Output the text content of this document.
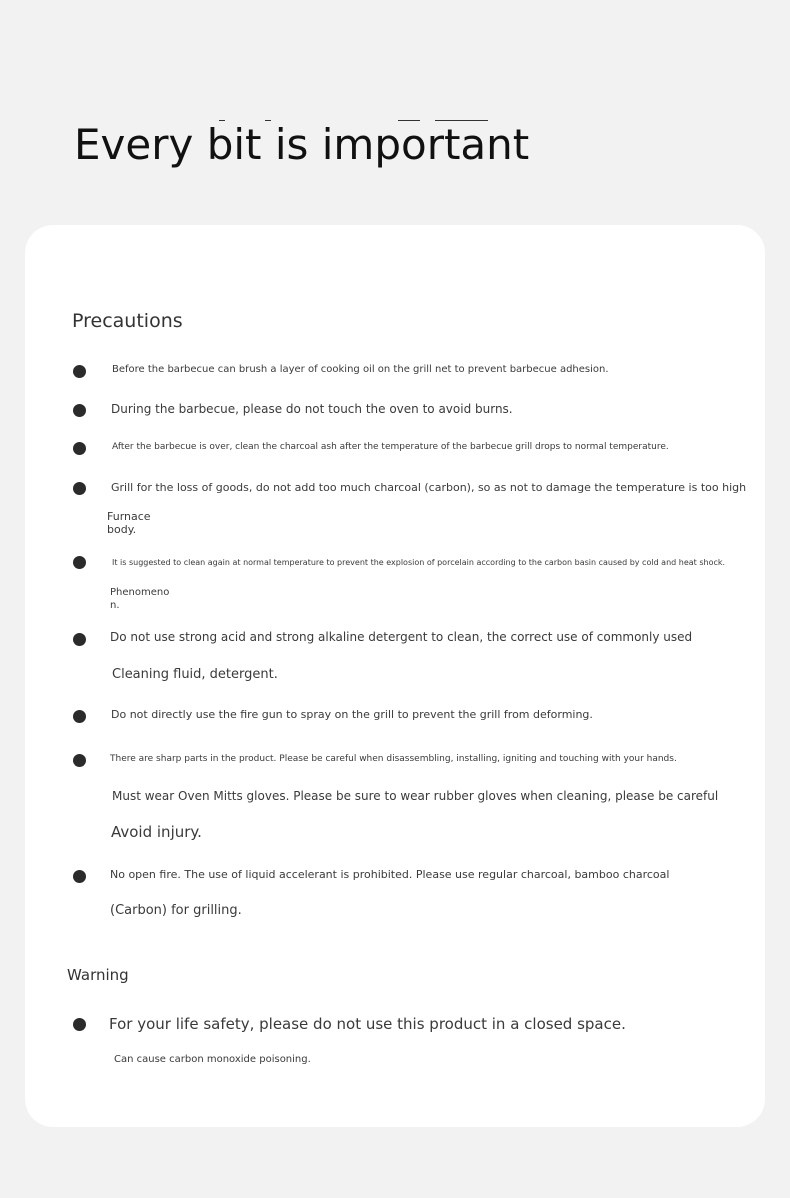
Every bit is important
Precautions
Before the barbecue can brush a layer of cooking oil on the grill net to prevent barbecue adhesion.
During the barbecue, please do not touch the oven to avoid burns.
After the barbecue is over, clean the charcoal ash after the temperature of the barbecue grill drops to normal temperature.
Grill for the loss of goods, do not add too much charcoal (carbon), so as not to damage the temperature is too high
Furnace
body.
It is suggested to clean again at normal temperature to prevent the explosion of porcelain according to the carbon basin caused by cold and heat shock.
Phenomeno
n.
Do not use strong acid and strong alkaline detergent to clean, the correct use of commonly used
Cleaning fluid, detergent.
Do not directly use the fire gun to spray on the grill to prevent the grill from deforming.
There are sharp parts in the product. Please be careful when disassembling, installing, igniting and touching with your hands.
Must wear Oven Mitts gloves. Please be sure to wear rubber gloves when cleaning, please be careful
Avoid injury.
No open fire. The use of liquid accelerant is prohibited. Please use regular charcoal, bamboo charcoal
(Carbon) for grilling.
Warning
For your life safety, please do not use this product in a closed space.
Can cause carbon monoxide poisoning.
